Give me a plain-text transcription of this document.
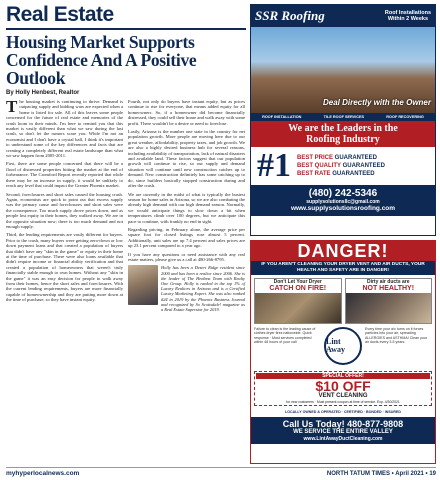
Real Estate
Housing Market Supports
Confidence And A Positive Outlook
By Holly Henbest, Realtor

The housing market is continuing to thrive. Demand is outpacing supply and bidding wars are expected when a home is listed for sale. All of this leaves some people concerned for the future of real estate and memories of the crash loom in their minds. I'm here to remind you that this market is vastly different than what we saw during the last crash, so don't let the rumors scare you. While I'm not an economist and I don't have a crystal ball, I think it's important to understand some of the key differences and facts that are creating a completely different real estate landscape than what we saw happen from 2005-2011.

First, there are some people concerned that there will be a flood of distressed properties hitting the market at the end of forbearance. The Cromford Report recently reported that while there may be an increase in supply, it would be unlikely to reach any level that could impact the Greater Phoenix market.

Second, foreclosures and short sales caused the housing crash. Again, economists are quick to point out that excess supply was the primary cause and foreclosures and short sales were the consequence. Too much supply drove prices down, and as people lost equity in their homes, they walked away. We are in the opposite situation now; there is too much demand and not enough supply.

Third, the lending requirements are vastly different for buyers. Prior to the crash, many buyers were getting zero-down or low down payment loans and that created a population of buyers that didn't have any "skin in the game" or equity in their home at the time of purchase. There were also loans available that didn't require income or financial ability verification and that created a population of homeowners that weren't truly financially stable enough to own homes. Without any "skin in the game" it was an easy decision for people to walk away from their homes, hence the short sales and foreclosures. With the current lending requirements, buyers are more financially capable of homeownership and they are putting more down at the time of purchase, so they have instant equity.

Fourth, not only do buyers have instant equity, but as prices continue to rise for everyone, that means added equity for all homeowners. So, if a homeowner did become financially distressed, they could sell their home and walk away with some profit. There wouldn't be a desire or need to foreclose.

Lastly, Arizona is the number one state in the country for net population growth. More people are moving here due to our great weather, affordability, property taxes, and job growth. We are also a highly desired business hub for several reasons, including availability of transportation, lack of natural disasters and available land. These factors suggest that our population growth will continue to rise, so our supply and demand situation will continue until new construction catches up to demand. New construction definitely has some catching up to do, since builders basically stopped construction during and after the crash.

We are currently in the midst of what is typically the busiest season for home sales in Arizona, so we are also combating the already high demand with our high demand season. Normally, we would anticipate things to slow down a bit when temperatures climb over 100 degrees, but we anticipate this pace to continue, with frankly no end in sight.

Regarding pricing, in February alone, the average price per square foot for closed listings rose almost 5 percent. Additionally, unit sales are up 7.4 percent and sales prices are up 23.1 percent compared to a year ago.

If you have any questions or need assistance with any real estate matters, please give us a call at 480-266-8795.

Holly has been a Desert Ridge resident since 2000 and has been a realtor since 2006. She is the leader of The Henbest Team with Realty One Group. Holly is ranked in the top 1% of Luxury Realtors in Arizona and is a Certified Luxury Marketing Expert. She was also ranked #24 in 2019 by the Phoenix Business Journal and recognized by So Scottsdale! magazine as a Real Estate Superstar for 2019.
SSR Roofing	Roof Installations
Within 2 Weeks
Deal Directly with the Owner
ROOF INSTALLATION	TILE ROOF SERVICES	ROOF RECOVERING
We are the Leaders in the
Roofing Industry
#1 BEST PRICE GUARANTEED
BEST QUALITY GUARANTEED
BEST RATE GUARANTEED
(480) 242-5346
supplysolutionsllc@gmail.com
www.supplysolutionsroofing.com
DANGER!
IF YOU AREN'T CLEANING YOUR DRYER VENT AND AIR DUCTS, YOUR HEALTH AND SAFETY ARE IN DANGER!
Don't Let Your Dryer
CATCH ON FIRE!
Dirty air ducts are
NOT HEALTHY!
Failure to clean is the leading cause of clothes dryer fires nationwide. Quick response · Most services completed within 48 hours of your call	Lint Away
Every time your a/c turns on it forces particles into your air, spreading ALLERGIES and ASTHMA! Clean your air ducts every 3-5 years.
SPECIAL OFFER!
$10 OFF
VENT CLEANING
for new customers · Must present coupon at time of service. Exp. 4/30/2021
LOCALLY OWNED & OPERATED · CERTIFIED · BONDED · INSURED
Call Us Today! 480-877-9808
WE SERVICE THE ENTIRE VALLEY
www.LintAwayDuctCleaning.com
myhyperlocalnews.com	NORTH TATUM TIMES • April 2021 • 19
